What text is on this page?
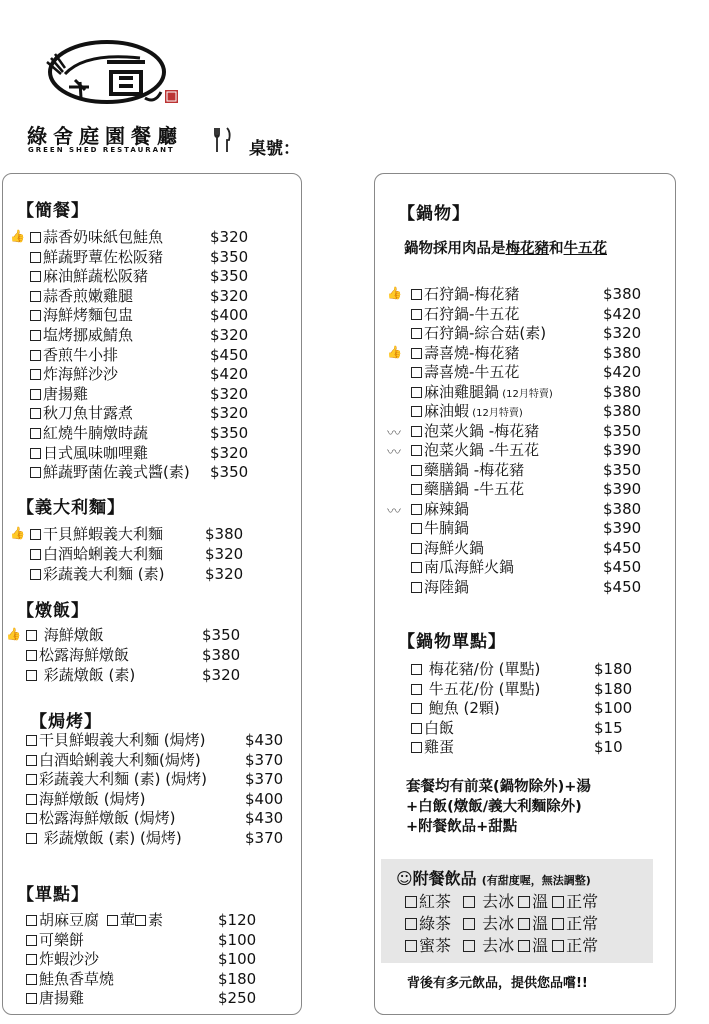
綠舍庭園餐廳
GREEN SHED RESTAURANT	桌號：
【簡餐】
蒜香奶味紙包鮭魚	$320
👍
鮮蔬野蕈佐松阪豬	$350
麻油鮮蔬松阪豬	$350
蒜香煎嫩雞腿	$320
海鮮烤麵包盅	$400
塩烤挪威鯖魚	$320
香煎牛小排	$450
炸海鮮沙沙	$420
唐揚雞	$320
秋刀魚甘露煮	$320
紅燒牛腩燉時蔬	$350
日式風味咖哩雞	$320
鮮蔬野菌佐義式醬(素) $350
【義大利麵】
干貝鮮蝦義大利麵	$380
👍
白酒蛤蜊義大利麵	$320
彩蔬義大利麵 (素)	$320
【燉飯】
海鮮燉飯	$350
👍
松露海鮮燉飯	$380
彩蔬燉飯 (素)	$320
【焗烤】
干貝鮮蝦義大利麵 (焗烤)	$430
白酒蛤蜊義大利麵(焗烤)	$370
彩蔬義大利麵 (素) (焗烤)	$370
海鮮燉飯 (焗烤)	$400
松露海鮮燉飯 (焗烤)	$430
彩蔬燉飯 (素) (焗烤)	$370
【單點】
胡麻豆腐 葷 素	$120
可樂餅	$100
炸蝦沙沙	$100
鮭魚香草燒	$180
唐揚雞	$250
【鍋物】
鍋物採用肉品是梅花豬和牛五花
石狩鍋-梅花豬	$380
👍
石狩鍋-牛五花	$420
石狩鍋-綜合菇(素)	$320
壽喜燒-梅花豬	$380
👍
壽喜燒-牛五花	$420
麻油雞腿鍋 (12月特賣)	$380
麻油蝦 (12月特賣)	$380
泡菜火鍋 -梅花豬	$350
〰
泡菜火鍋 -牛五花	$390
〰
藥膳鍋 -梅花豬	$350
藥膳鍋 -牛五花	$390
麻辣鍋	$380
〰
牛腩鍋	$390
海鮮火鍋	$450
南瓜海鮮火鍋	$450
海陸鍋	$450
【鍋物單點】
梅花豬/份 (單點)	$180
牛五花/份 (單點)	$180
鮑魚 (2顆)	$100
白飯	$15
雞蛋	$10
套餐均有前菜(鍋物除外)+湯
+白飯(燉飯/義大利麵除外)
+附餐飲品+甜點
☺附餐飲品 (有甜度喔，無法調整)
紅茶 去冰 溫 正常
綠茶 去冰 溫 正常
蜜茶 去冰 溫 正常
背後有多元飲品，提供您品嚐!!
